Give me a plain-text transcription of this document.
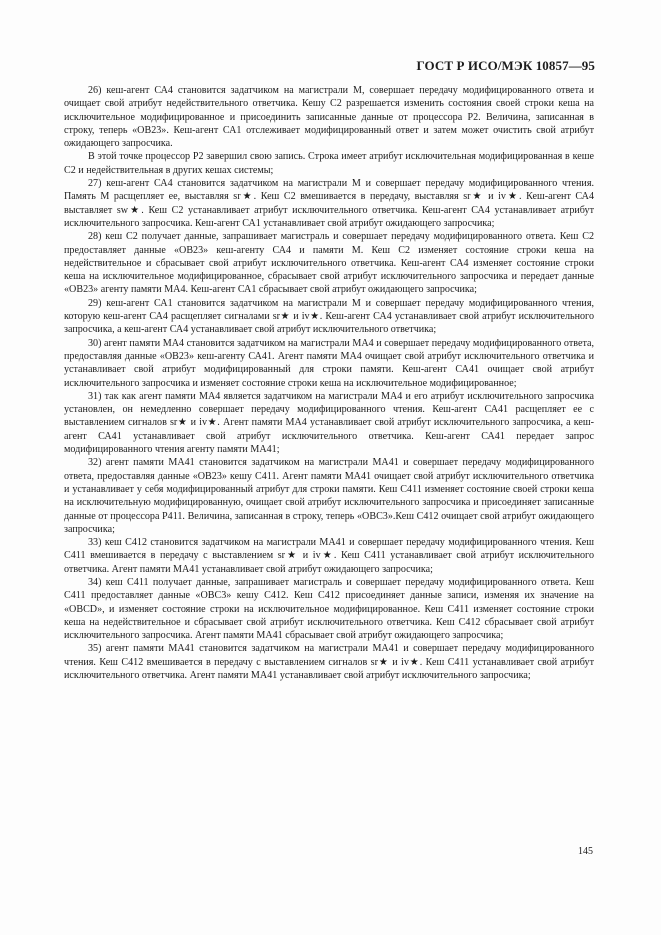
ГОСТ Р ИСО/МЭК 10857—95

26) кеш-агент СА4 становится задатчиком на магистрали М, совершает передачу модифицированного ответа и очищает свой атрибут недействительного ответчика. Кешу С2 разрешается изменить состояния своей строки кеша на исключительное модифицированное и присоединить записанные данные от процессора Р2. Величина, записанная в строку, теперь «OB23». Кеш-агент СА1 отслеживает модифицированный ответ и затем может очистить свой атрибут ожидающего запросчика.

В этой точке процессор Р2 завершил свою запись. Строка имеет атрибут исключительная модифицированная в кеше С2 и недействительная в других кешах системы;

27) кеш-агент СА4 становится задатчиком на магистрали М и совершает передачу модифицированного чтения. Память М расщепляет ее, выставляя sr★. Кеш С2 вмешивается в передачу, выставляя sr★ и iv★. Кеш-агент СА4 выставляет sw★. Кеш С2 устанавливает атрибут исключительного ответчика. Кеш-агент СА4 устанавливает атрибут исключительного запросчика. Кеш-агент СА1 устанавливает свой атрибут ожидающего запросчика;

28) кеш С2 получает данные, запрашивает магистраль и совершает передачу модифицированного ответа. Кеш С2 предоставляет данные «OB23» кеш-агенту СА4 и памяти М. Кеш С2 изменяет состояние строки кеша на недействительное и сбрасывает свой атрибут исключительного ответчика. Кеш-агент СА4 изменяет состояние строки кеша на исключительное модифицированное, сбрасывает свой атрибут исключительного запросчика и передает данные «OB23» агенту памяти МА4. Кеш-агент СА1 сбрасывает свой атрибут ожидающего запросчика;

29) кеш-агент СА1 становится задатчиком на магистрали М и совершает передачу модифицированного чтения, которую кеш-агент СА4 расщепляет сигналами sr★ и iv★. Кеш-агент СА4 устанавливает свой атрибут исключительного запросчика, а кеш-агент СА4 устанавливает свой атрибут исключительного ответчика;

30) агент памяти МА4 становится задатчиком на магистрали МА4 и совершает передачу модифицированного ответа, предоставляя данные «OB23» кеш-агенту СА41. Агент памяти МА4 очищает свой атрибут исключительного ответчика и устанавливает свой атрибут модифицированный для строки памяти. Кеш-агент СА41 очищает свой атрибут исключительного запросчика и изменяет состояние строки кеша на исключительное модифицированное;

31) так как агент памяти МА4 является задатчиком на магистрали МА4 и его атрибут исключительного запросчика установлен, он немедленно совершает передачу модифицированного чтения. Кеш-агент СА41 расщепляет ее с выставлением сигналов sr★ и iv★. Агент памяти МА4 устанавливает свой атрибут исключительного запросчика, а кеш-агент СА41 устанавливает свой атрибут исключительного ответчика. Кеш-агент СА41 передает запрос модифицированного чтения агенту памяти МА41;

32) агент памяти МА41 становится задатчиком на магистрали МА41 и совершает передачу модифицированного ответа, предоставляя данные «OB23» кешу С411. Агент памяти МА41 очищает свой атрибут исключительного ответчика и устанавливает у себя модифицированный атрибут для строки памяти. Кеш С411 изменяет состояние своей строки кеша на исключительную модифицированную, очищает свой атрибут исключительного запросчика и присоединяет записанные данные от процессора Р411. Величина, записанная в строку, теперь «OBC3».Кеш С412 очищает свой атрибут ожидающего запросчика;

33) кеш С412 становится задатчиком на магистрали МА41 и совершает передачу модифицированного чтения. Кеш С411 вмешивается в передачу с выставлением sr★ и iv★. Кеш С411 устанавливает свой атрибут исключительного ответчика. Агент памяти МА41 устанавливает свой атрибут ожидающего запросчика;

34) кеш С411 получает данные, запрашивает магистраль и совершает передачу модифицированного ответа. Кеш С411 предоставляет данные «OBC3» кешу С412. Кеш С412 присоединяет данные записи, изменяя их значение на «OBCD», и изменяет состояние строки на исключительное модифицированное. Кеш С411 изменяет состояние строки кеша на недействительное и сбрасывает свой атрибут исключительного ответчика. Кеш С412 сбрасывает свой атрибут исключительного запросчика. Агент памяти МА41 сбрасывает свой атрибут ожидающего запросчика;

35) агент памяти МА41 становится задатчиком на магистрали МА41 и совершает передачу модифицированного чтения. Кеш С412 вмешивается в передачу с выставлением сигналов sr★ и iv★. Кеш С411 устанавливает свой атрибут исключительного ответчика. Агент памяти МА41 устанавливает свой атрибут исключительного запросчика;

145
